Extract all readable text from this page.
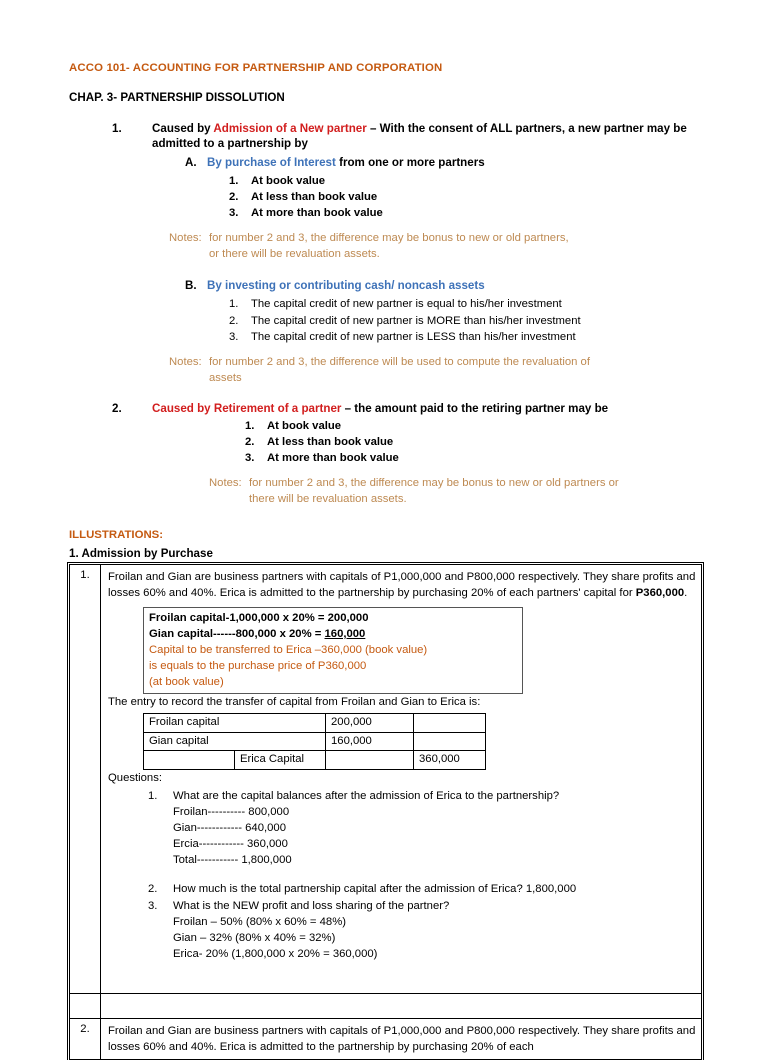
ACCO 101- ACCOUNTING FOR PARTNERSHIP AND CORPORATION
CHAP. 3- PARTNERSHIP DISSOLUTION
1.	Caused by Admission of a New partner – With the consent of ALL partners, a new partner may be admitted to a partnership by
A. By purchase of Interest from one or more partners
1.	At book value
2.	At less than book value
3.	At more than book value
Notes: for number 2 and 3, the difference may be bonus to new or old partners,

or there will be revaluation assets.
B. By investing or contributing cash/ noncash assets
1.	The capital credit of new partner is equal to his/her investment
2.	The capital credit of new partner is MORE than his/her investment
3.	The capital credit of new partner is LESS than his/her investment
Notes: for number 2 and 3, the difference will be used to compute the revaluation of

assets
2.	Caused by Retirement of a partner – the amount paid to the retiring partner may be
1.	At book value
2.	At less than book value
3.	At more than book value
Notes: for number 2 and 3, the difference may be bonus to new or old partners or
there will be revaluation assets.
ILLUSTRATIONS:
1. Admission by Purchase
1.	Froilan and Gian are business partners with capitals of P1,000,000 and P800,000 respectively. They share profits and losses 60% and 40%. Erica is admitted to the partnership by purchasing 20% of each partners' capital for P360,000.

Froilan capital-1,000,000 x 20% = 200,000
Gian capital------800,000 x 20% = 160,000
Capital to be transferred to Erica –360,000 (book value)
is equals to the purchase price of P360,000
(at book value)

The entry to record the transfer of capital from Froilan and Gian to Erica is:

Froilan capital	200,000	
Gian capital	160,000	
	Erica Capital		360,000

Questions:

1.	What are the capital balances after the admission of Erica to the partnership?
Froilan---------- 800,000
Gian------------ 640,000
Ercia------------ 360,000
Total----------- 1,800,000
2.	How much is the total partnership capital after the admission of Erica? 1,800,000
3.	What is the NEW profit and loss sharing of the partner?
Froilan – 50% (80% x 60% = 48%)
Gian – 32% (80% x 40% = 32%)
Erica- 20% (1,800,000 x 20% = 360,000)

2.	Froilan and Gian are business partners with capitals of P1,000,000 and P800,000 respectively. They share profits and losses 60% and 40%. Erica is admitted to the partnership by purchasing 20% of each
